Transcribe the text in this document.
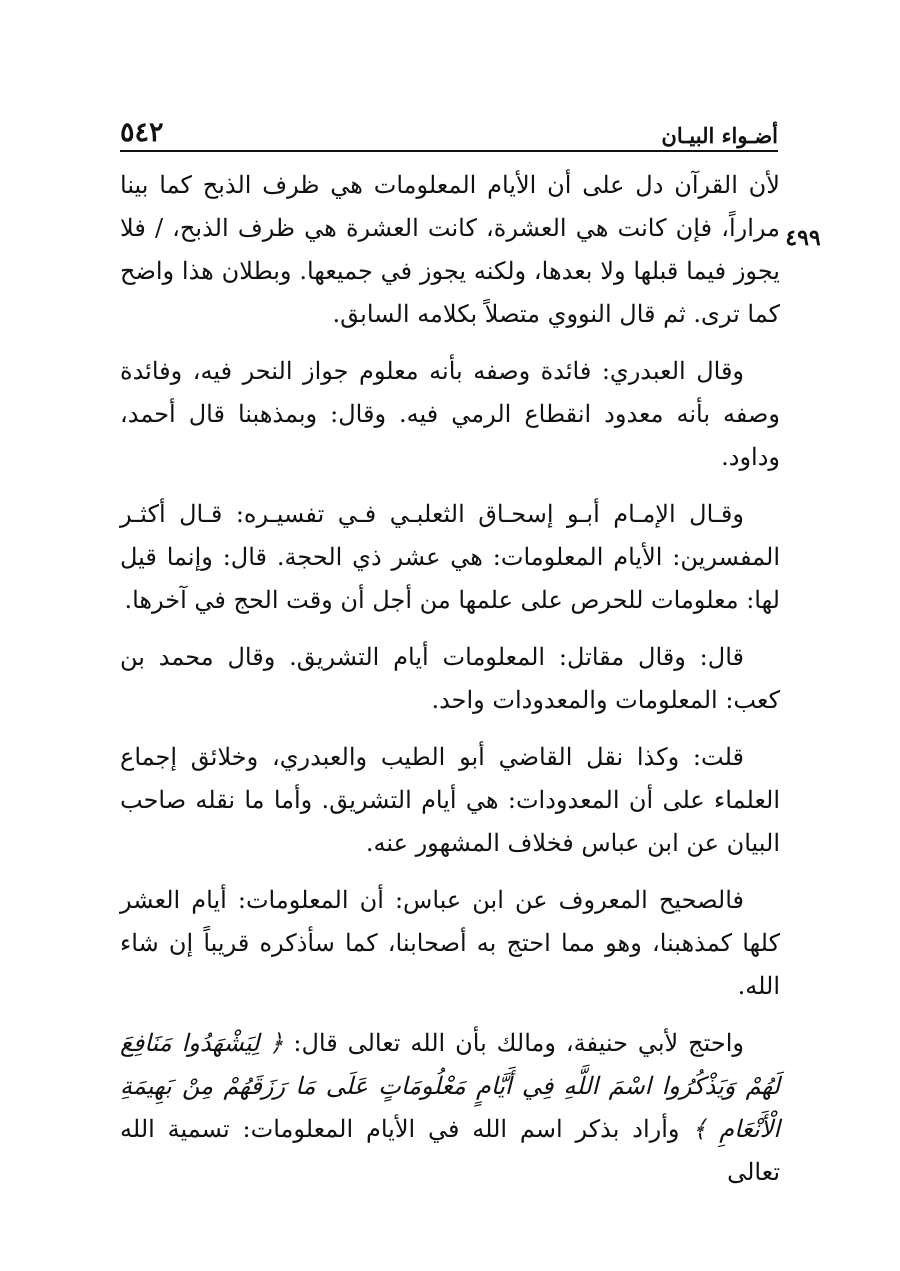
أضـواء البيـان
٥٤٢
٤٩٩

لأن القرآن دل على أن الأيام المعلومات هي ظرف الذبح كما بينا مراراً، فإن كانت هي العشرة، كانت العشرة هي ظرف الذبح، / فلا يجوز فيما قبلها ولا بعدها، ولكنه يجوز في جميعها. وبطلان هذا واضح كما ترى. ثم قال النووي متصلاً بكلامه السابق.

وقال العبدري: فائدة وصفه بأنه معلوم جواز النحر فيه، وفائدة وصفه بأنه معدود انقطاع الرمي فيه. وقال: وبمذهبنا قال أحمد، وداود.

وقـال الإمـام أبـو إسحـاق الثعلبـي فـي تفسيـره: قـال أكثـر المفسرين: الأيام المعلومات: هي عشر ذي الحجة. قال: وإنما قيل لها: معلومات للحرص على علمها من أجل أن وقت الحج في آخرها.

قال: وقال مقاتل: المعلومات أيام التشريق. وقال محمد بن كعب: المعلومات والمعدودات واحد.

قلت: وكذا نقل القاضي أبو الطيب والعبدري، وخلائق إجماع العلماء على أن المعدودات: هي أيام التشريق. وأما ما نقله صاحب البيان عن ابن عباس فخلاف المشهور عنه.

فالصحيح المعروف عن ابن عباس: أن المعلومات: أيام العشر كلها كمذهبنا، وهو مما احتج به أصحابنا، كما سأذكره قريباً إن شاء الله.

واحتج لأبي حنيفة، ومالك بأن الله تعالى قال: ﴿ لِيَشْهَدُوا مَنَافِعَ لَهُمْ وَيَذْكُرُوا اسْمَ اللَّهِ فِي أَيَّامٍ مَعْلُومَاتٍ عَلَى مَا رَزَقَهُمْ مِنْ بَهِيمَةِ الْأَنْعَامِ ﴾ وأراد بذكر اسم الله في الأيام المعلومات: تسمية الله تعالى
